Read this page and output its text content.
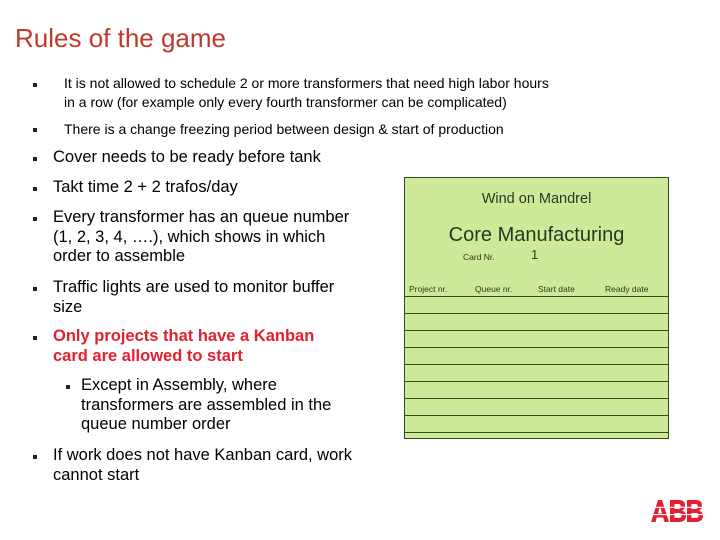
Rules of the game
It is not allowed to schedule 2 or more transformers that need high labor hours
in a row (for example only every fourth transformer can be complicated)
There is a change freezing period between design & start of production
Cover needs to be ready before tank
Takt time 2 + 2 trafos/day
Every transformer has an queue number
(1, 2, 3, 4, ….), which shows in which
order to assemble
Traffic lights are used to monitor buffer
size
Only projects that have a Kanban
card are allowed to start
Except in Assembly, where
transformers are assembled in the
queue number order
If work does not have Kanban card, work
cannot start
Wind on Mandrel
Core Manufacturing
Card Nr.	1
Project nr.	Queue nr.	Start date	Ready date
